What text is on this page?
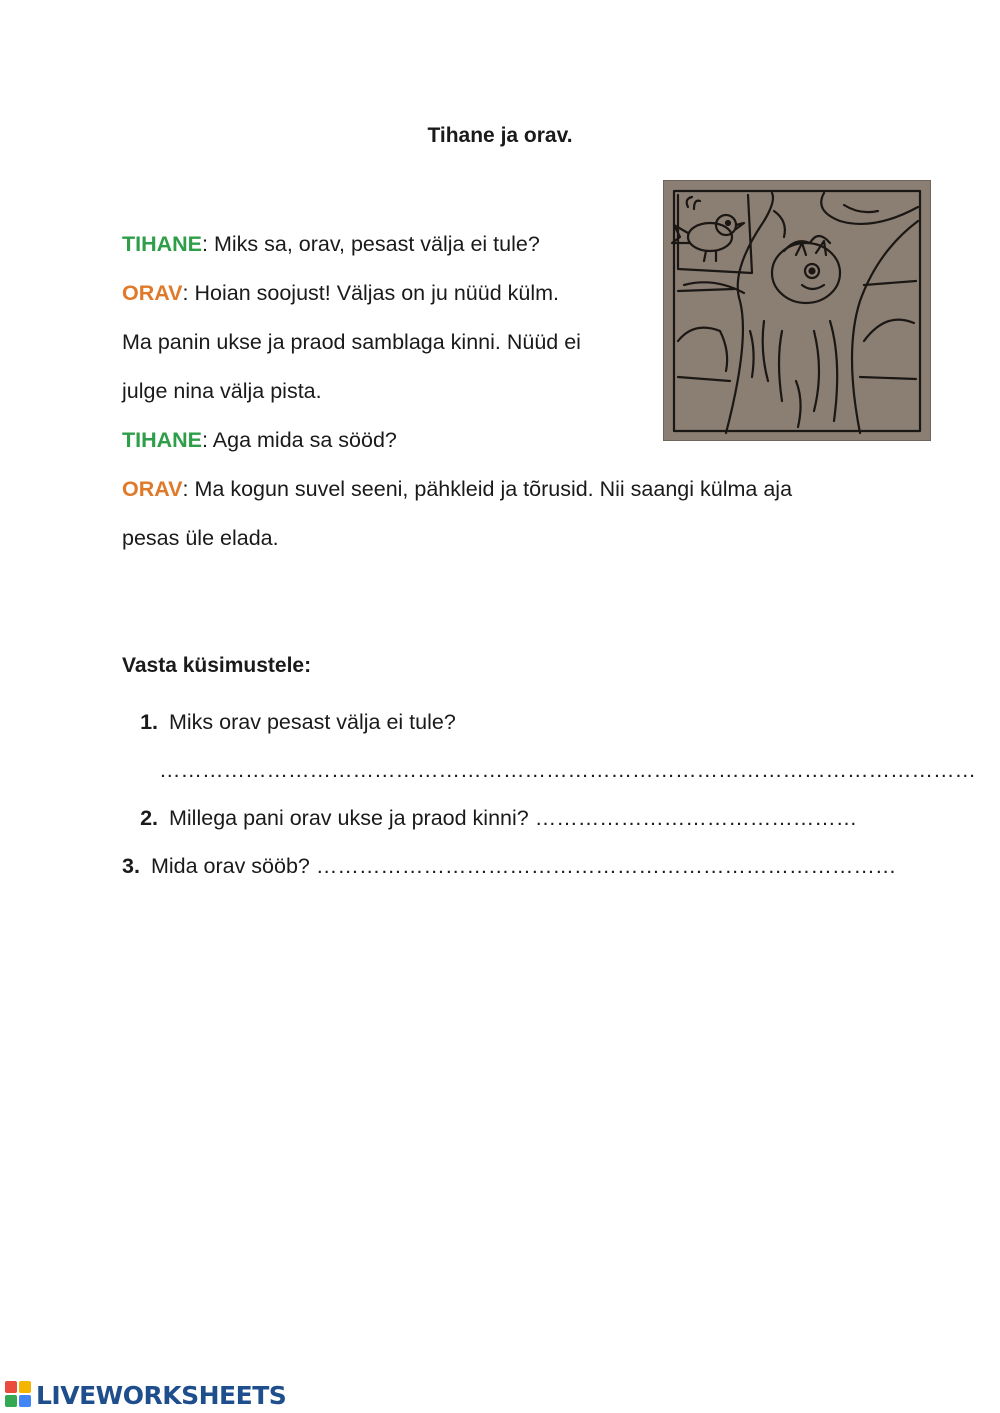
Tihane ja orav.
TIHANE: Miks sa, orav, pesast välja ei tule?
ORAV: Hoian soojust! Väljas on ju nüüd külm.
Ma panin ukse ja praod samblaga kinni. Nüüd ei
julge nina välja pista.
TIHANE: Aga mida sa sööd?
ORAV: Ma kogun suvel seeni, pähkleid ja tõrusid. Nii saangi külma aja
pesas üle elada.
Vasta küsimustele:
1. Miks orav pesast välja ei tule?
……………………………………………………………………………………………………
2. Millega pani orav ukse ja praod kinni? ………………………………………
3. Mida orav sööb? ………………………………………………………………………
LIVEWORKSHEETS
